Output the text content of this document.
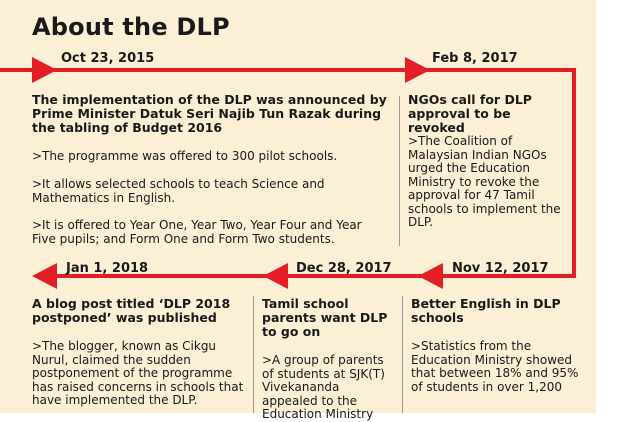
About the DLP
Oct 23, 2015
The implementation of the DLP was announced by Prime Minister Datuk Seri Najib Tun Razak during the tabling of Budget 2016
>The programme was offered to 300 pilot schools.
>It allows selected schools to teach Science and Mathematics in English.
>It is offered to Year One, Year Two, Year Four and Year Five pupils; and Form One and Form Two students.
Feb 8, 2017
NGOs call for DLP approval to be revoked
>The Coalition of Malaysian Indian NGOs urged the Education Ministry to revoke the approval for 47 Tamil schools to implement the DLP.
Nov 12, 2017
Better English in DLP schools
>Statistics from the Education Ministry showed that between 18% and 95% of students in over 1,200
Dec 28, 2017
Tamil school parents want DLP to go on
>A group of parents of students at SJK(T) Vivekananda appealed to the Education Ministry
Jan 1, 2018
A blog post titled ‘DLP 2018 postponed’ was published
>The blogger, known as Cikgu Nurul, claimed the sudden postponement of the programme has raised concerns in schools that have implemented the DLP.
